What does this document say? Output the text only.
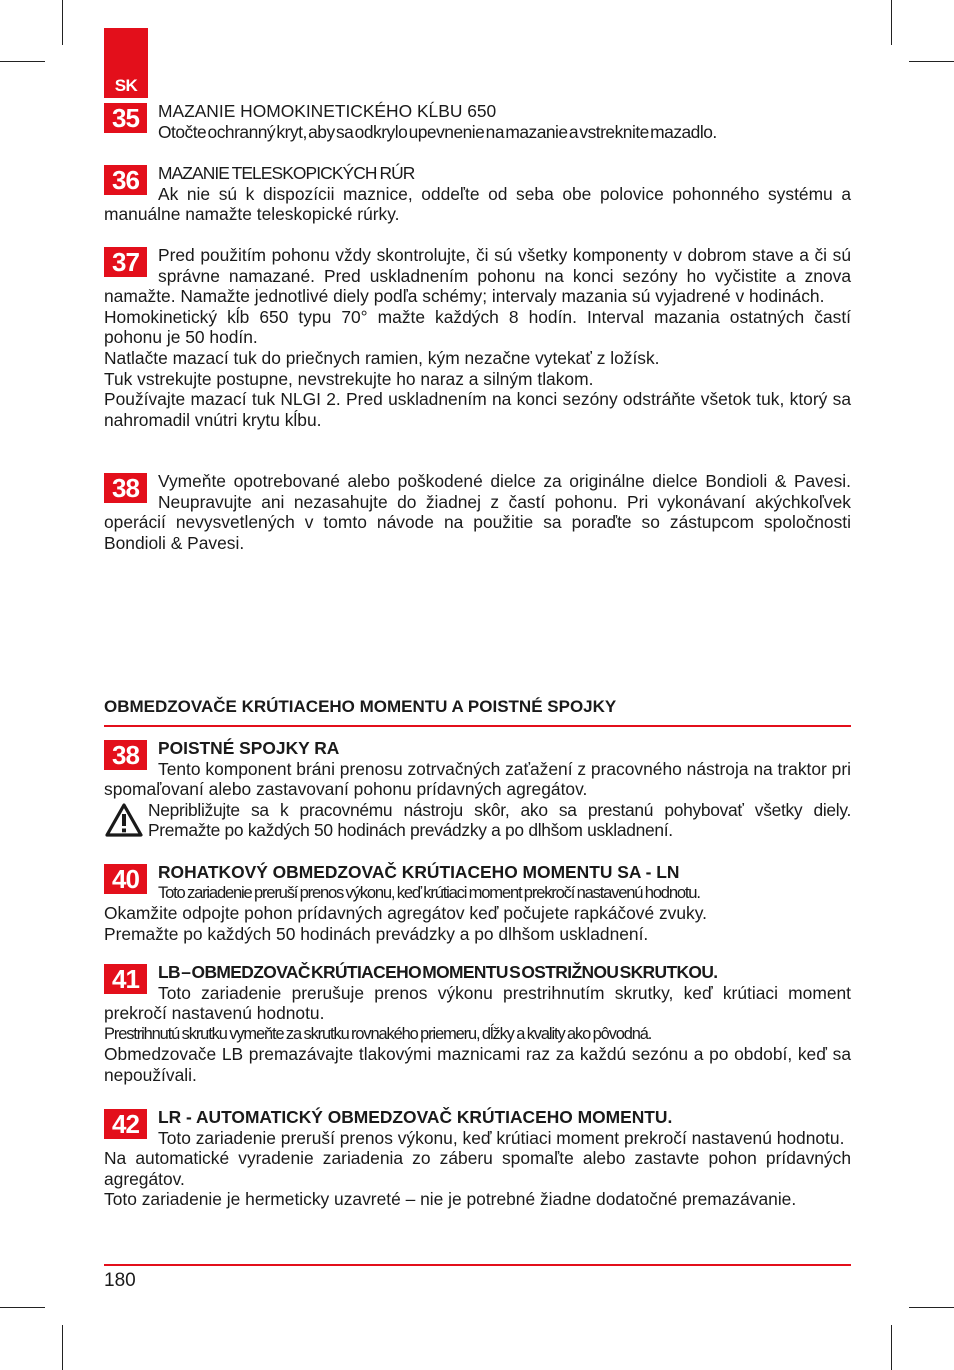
SK
35	MAZANIE HOMOKINETICKÉHO KĹBU 650

Otočte ochranný kryt, aby sa odkrylo upevnenie na mazanie a vstreknite mazadlo.

36	MAZANIE TELESKOPICKÝCH RÚR

Ak nie sú k dispozícii maznice, oddeľte od seba obe polovice pohonného systému a manuálne namažte teleskopické rúrky.

37	Pred použitím pohonu vždy skontrolujte, či sú všetky komponenty v dobrom stave a či sú správne namazané. Pred uskladnením pohonu na konci sezóny ho vyčistite a znova namažte. Namažte jednotlivé diely podľa schémy; intervaly mazania sú vyjadrené v hodinách.

Homokinetický kĺb 650 typu 70° mažte každých 8 hodín. Interval mazania ostatných častí pohonu je 50 hodín.

Natlačte mazací tuk do priečnych ramien, kým nezačne vytekať z ložísk.

Tuk vstrekujte postupne, nevstrekujte ho naraz a silným tlakom.

Používajte mazací tuk NLGI 2. Pred uskladnením na konci sezóny odstráňte všetok tuk, ktorý sa nahromadil vnútri krytu kĺbu.

38	Vymeňte opotrebované alebo poškodené dielce za originálne dielce Bondioli & Pavesi. Neupravujte ani nezasahujte do žiadnej z častí pohonu. Pri vykonávaní akýchkoľvek operácií nevysvetlených v tomto návode na použitie sa poraďte so zástupcom spoločnosti Bondioli & Pavesi.

OBMEDZOVAČE KRÚTIACEHO MOMENTU A POISTNÉ SPOJKY
38	POISTNÉ SPOJKY RA

Tento komponent bráni prenosu zotrvačných zaťažení z pracovného nástroja na traktor pri spomaľovaní alebo zastavovaní pohonu prídavných agregátov.

Nepribližujte sa k pracovnému nástroju skôr, ako sa prestanú pohybovať všetky diely. Premažte po každých 50 hodinách prevádzky a po dlhšom uskladnení.

40	ROHATKOVÝ OBMEDZOVAČ KRÚTIACEHO MOMENTU SA - LN

Toto zariadenie preruší prenos výkonu, keď krútiaci moment prekročí nastavenú hodnotu.

Okamžite odpojte pohon prídavných agregátov keď počujete rapkáčové zvuky.

Premažte po každých 50 hodinách prevádzky a po dlhšom uskladnení.

41	LB – OBMEDZOVAČ KRÚTIACEHO MOMENTU S OSTRIŽNOU SKRUTKOU.

Toto zariadenie prerušuje prenos výkonu prestrihnutím skrutky, keď krútiaci moment prekročí nastavenú hodnotu.

Prestrihnutú skrutku vymeňte za skrutku rovnakého priemeru, dĺžky a kvality ako pôvodná.

Obmedzovače LB premazávajte tlakovými maznicami raz za každú sezónu a po období, keď sa nepoužívali.

42	LR - AUTOMATICKÝ OBMEDZOVAČ KRÚTIACEHO MOMENTU.

Toto zariadenie preruší prenos výkonu, keď krútiaci moment prekročí nastavenú hodnotu.

Na automatické vyradenie zariadenia zo záberu spomaľte alebo zastavte pohon prídavných agregátov.

Toto zariadenie je hermeticky uzavreté – nie je potrebné žiadne dodatočné premazávanie.

180
